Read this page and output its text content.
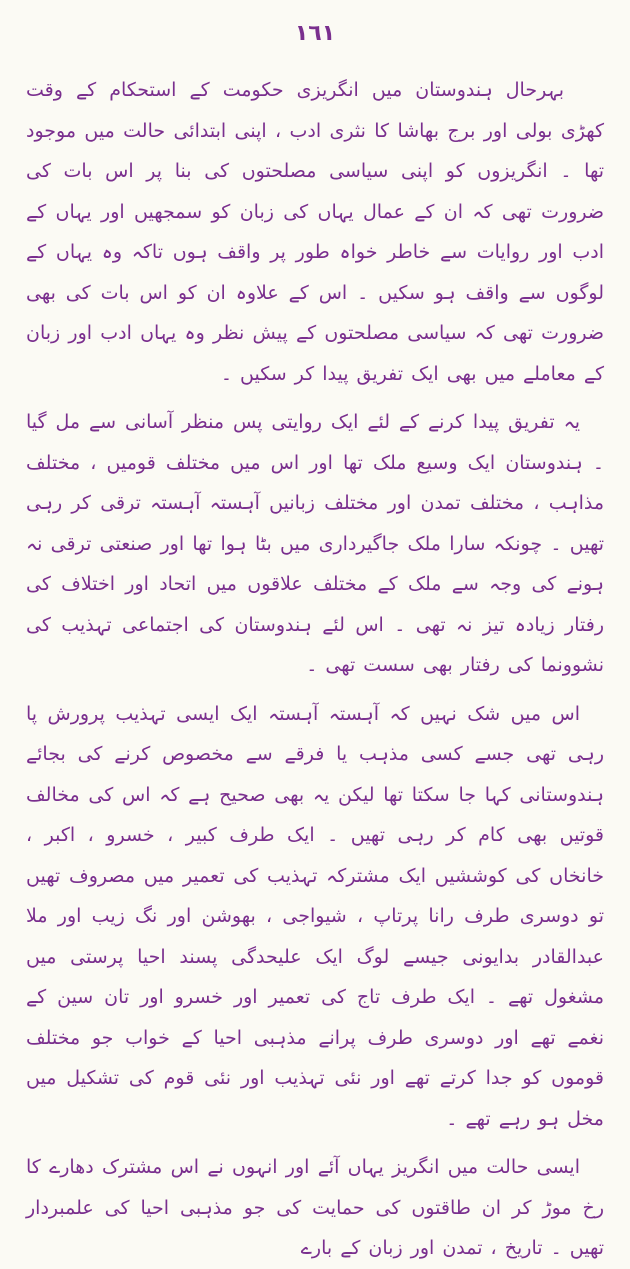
١٦١

بہرحال ہندوستان میں انگریزی حکومت کے استحکام کے وقت کھڑی بولی اور برج بھاشا کا نثری ادب ، اپنی ابتدائی حالت میں موجود تھا ۔ انگریزوں کو اپنی سیاسی مصلحتوں کی بنا پر اس بات کی ضرورت تھی کہ ان کے عمال یہاں کی زبان کو سمجھیں اور یہاں کے ادب اور روایات سے خاطر خواہ طور پر واقف ہوں تاکہ وہ یہاں کے لوگوں سے واقف ہو سکیں ۔ اس کے علاوہ ان کو اس بات کی بھی ضرورت تھی کہ سیاسی مصلحتوں کے پیش نظر وہ یہاں ادب اور زبان کے معاملے میں بھی ایک تفریق پیدا کر سکیں ۔

یہ تفریق پیدا کرنے کے لئے ایک روایتی پس منظر آسانی سے مل گیا ۔ ہندوستان ایک وسیع ملک تھا اور اس میں مختلف قومیں ، مختلف مذاہب ، مختلف تمدن اور مختلف زبانیں آہستہ آہستہ ترقی کر رہی تھیں ۔ چونکہ سارا ملک جاگیرداری میں بٹا ہوا تھا اور صنعتی ترقی نہ ہونے کی وجہ سے ملک کے مختلف علاقوں میں اتحاد اور اختلاف کی رفتار زیادہ تیز نہ تھی ۔ اس لئے ہندوستان کی اجتماعی تہذیب کی نشوونما کی رفتار بھی سست تھی ۔

اس میں شک نہیں کہ آہستہ آہستہ ایک ایسی تہذیب پرورش پا رہی تھی جسے کسی مذہب یا فرقے سے مخصوص کرنے کی بجائے ہندوستانی کہا جا سکتا تھا لیکن یہ بھی صحیح ہے کہ اس کی مخالف قوتیں بھی کام کر رہی تھیں ۔ ایک طرف کبیر ، خسرو ، اکبر ، خانخاں کی کوششیں ایک مشترکہ تہذیب کی تعمیر میں مصروف تھیں تو دوسری طرف رانا پرتاپ ، شیواجی ، بھوشن اور نگ زیب اور ملا عبدالقادر بدایونی جیسے لوگ ایک علیحدگی پسند احیا پرستی میں مشغول تھے ۔ ایک طرف تاج کی تعمیر اور خسرو اور تان سین کے نغمے تھے اور دوسری طرف پرانے مذہبی احیا کے خواب جو مختلف قوموں کو جدا کرتے تھے اور نئی تہذیب اور نئی قوم کی تشکیل میں مخل ہو رہے تھے ۔

ایسی حالت میں انگریز یہاں آئے اور انہوں نے اس مشترک دھارے کا رخ موڑ کر ان طاقتوں کی حمایت کی جو مذہبی احیا کی علمبردار تھیں ۔ تاریخ ، تمدن اور زبان کے بارے
